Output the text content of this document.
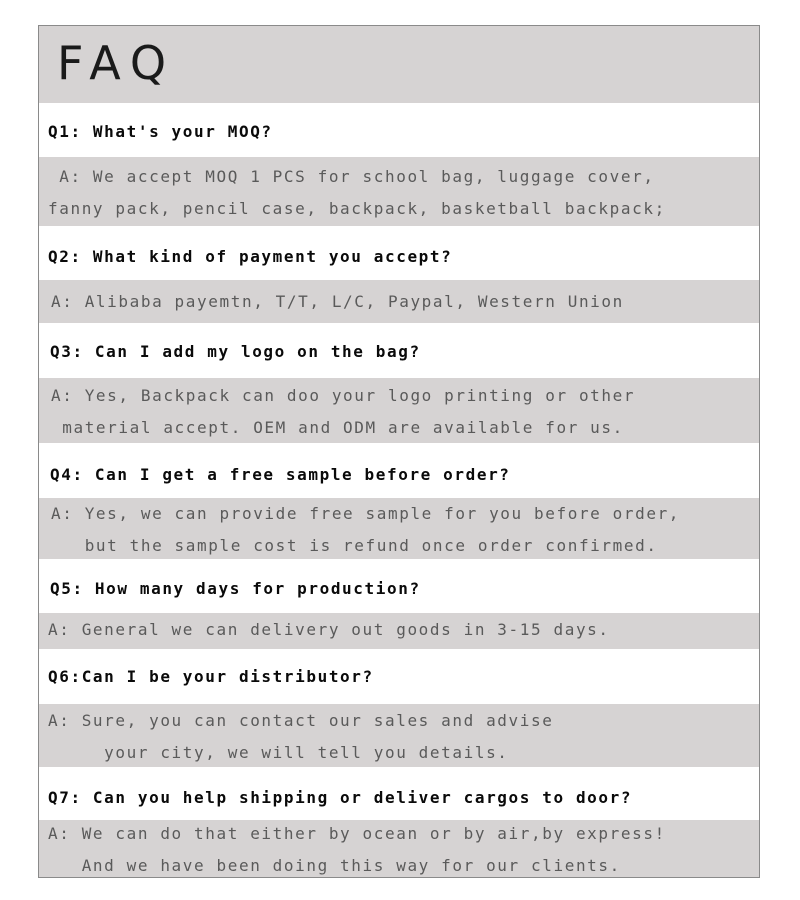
FAQ
Q1: What's your MOQ?
A: We accept MOQ 1 PCS for school bag, luggage cover,
fanny pack, pencil case, backpack, basketball backpack;
Q2: What kind of payment you accept?
A: Alibaba payemtn, T/T, L/C, Paypal, Western Union
Q3: Can I add my logo on the bag?
A: Yes, Backpack can doo your logo printing or other
material accept. OEM and ODM are available for us.
Q4: Can I get a free sample before order?
A: Yes, we can provide free sample for you before order,
but the sample cost is refund once order confirmed.
Q5: How many days for production?
A: General we can delivery out goods in 3-15 days.
Q6:Can I be your distributor?
A: Sure, you can contact our sales and advise
your city, we will tell you details.
Q7: Can you help shipping or deliver cargos to door?
A: We can do that either by ocean or by air,by express!
And we have been doing this way for our clients.
